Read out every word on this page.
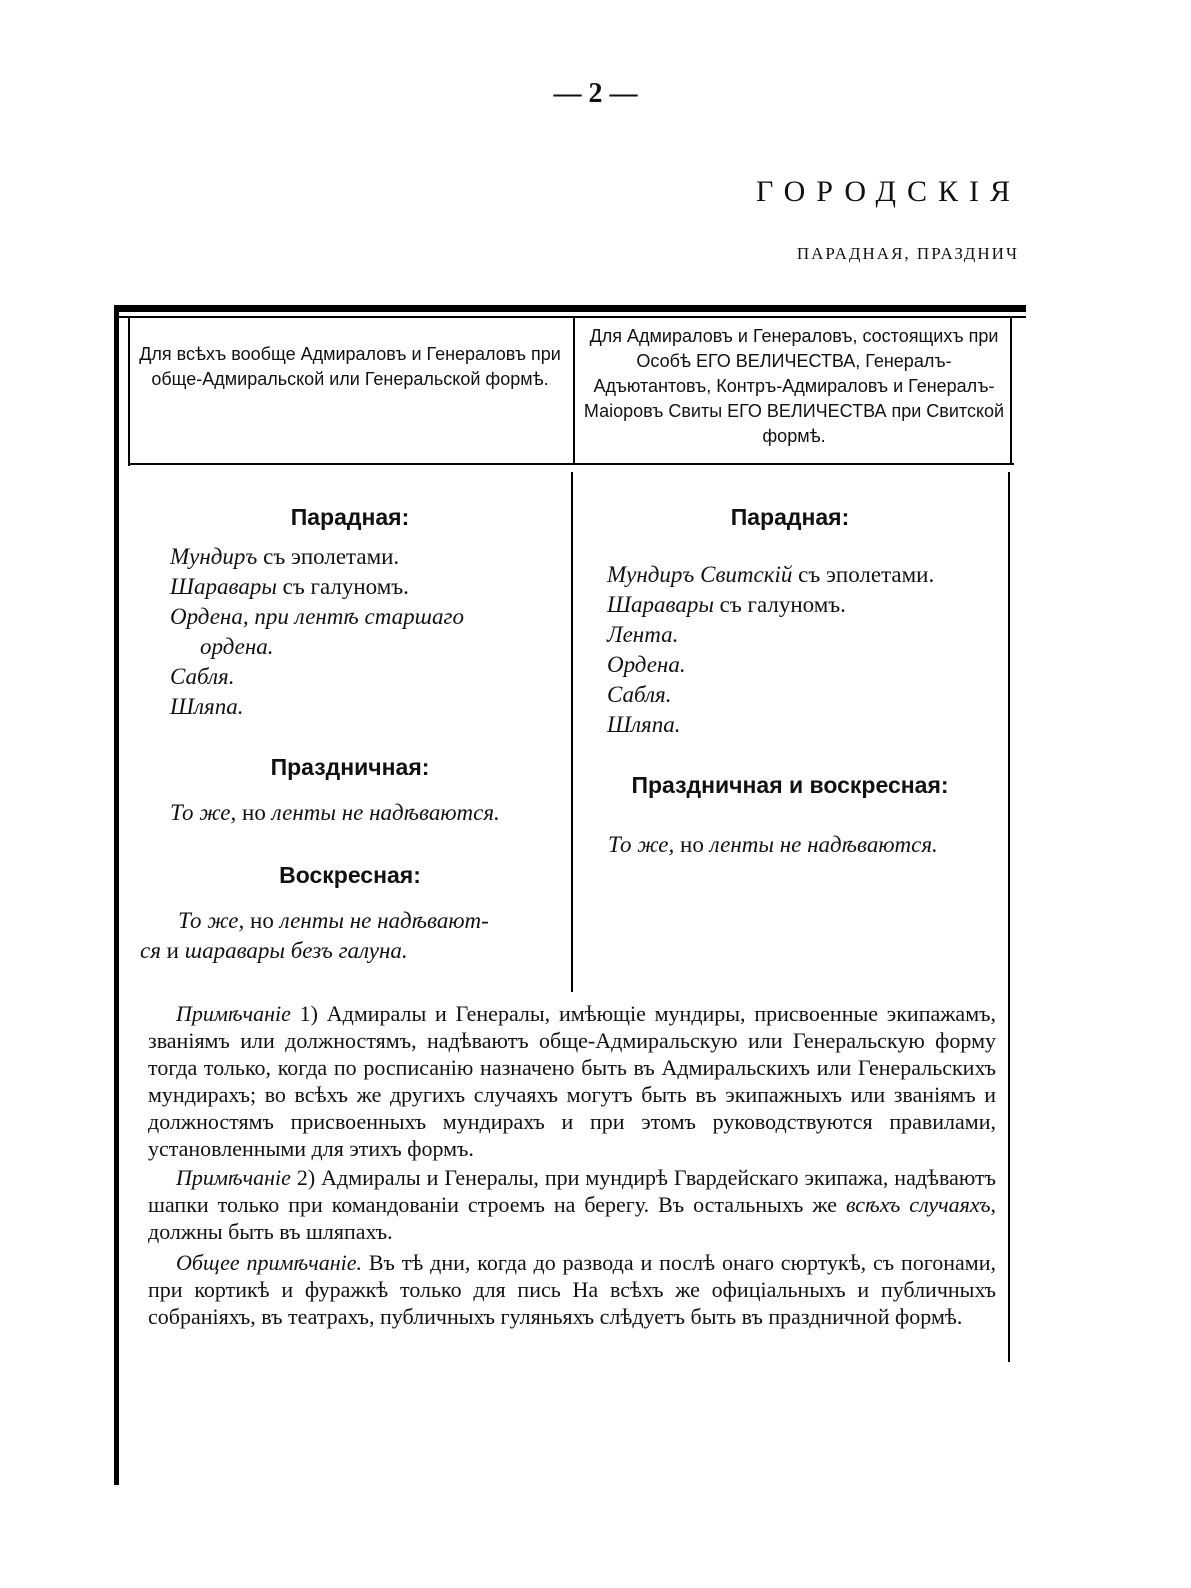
— 2 —
ГОРОДСКІЯ
ПАРАДНАЯ, ПРАЗДНИЧ
Для всѣхъ вообще Адмираловъ и Генераловъ при обще-Адмиральской или Генеральской формѣ.
Для Адмираловъ и Генераловъ, состоящихъ при Особѣ ЕГО ВЕЛИЧЕСТВА, Генералъ-Адъютантовъ, Контръ-Адмираловъ и Генералъ-Маіоровъ Свиты ЕГО ВЕЛИЧЕСТВА при Свитской формѣ.
Парадная:
Мундиръ съ эполетами.
Шаравары съ галуномъ.
Ордена, при лентѣ старшаго
ордена.
Сабля.
Шляпа.
Праздничная:
То же, но ленты не надѣваются.
Воскресная:
То же, но ленты не надѣвают-
ся и шаравары безъ галуна.
Парадная:
Мундиръ Свитскій съ эполетами.
Шаравары съ галуномъ.
Лента.
Ордена.
Сабля.
Шляпа.
Праздничная и воскресная:
То же, но ленты не надѣваются.

Примѣчаніе 1) Адмиралы и Генералы, имѣющіе мундиры, присвоенные экипажамъ, званіямъ или должностямъ, надѣваютъ обще-Адмиральскую или Генеральскую форму тогда только, когда по росписанію назначено быть въ Адмиральскихъ или Генеральскихъ мундирахъ; во всѣхъ же другихъ случаяхъ могутъ быть въ экипажныхъ или званіямъ и должностямъ присвоенныхъ мундирахъ и при этомъ руководствуются правилами, установленными для этихъ формъ.

Примѣчаніе 2) Адмиралы и Генералы, при мундирѣ Гвардейскаго экипажа, надѣваютъ шапки только при командованіи строемъ на берегу. Въ остальныхъ же всѣхъ случаяхъ, должны быть въ шляпахъ.

Общее примѣчаніе. Въ тѣ дни, когда до развода и послѣ онаго сюртукѣ, съ погонами, при кортикѣ и фуражкѣ только для пись На всѣхъ же офиціальныхъ и публичныхъ собраніяхъ, въ театрахъ, публичныхъ гуляньяхъ слѣдуетъ быть въ праздничной формѣ.
